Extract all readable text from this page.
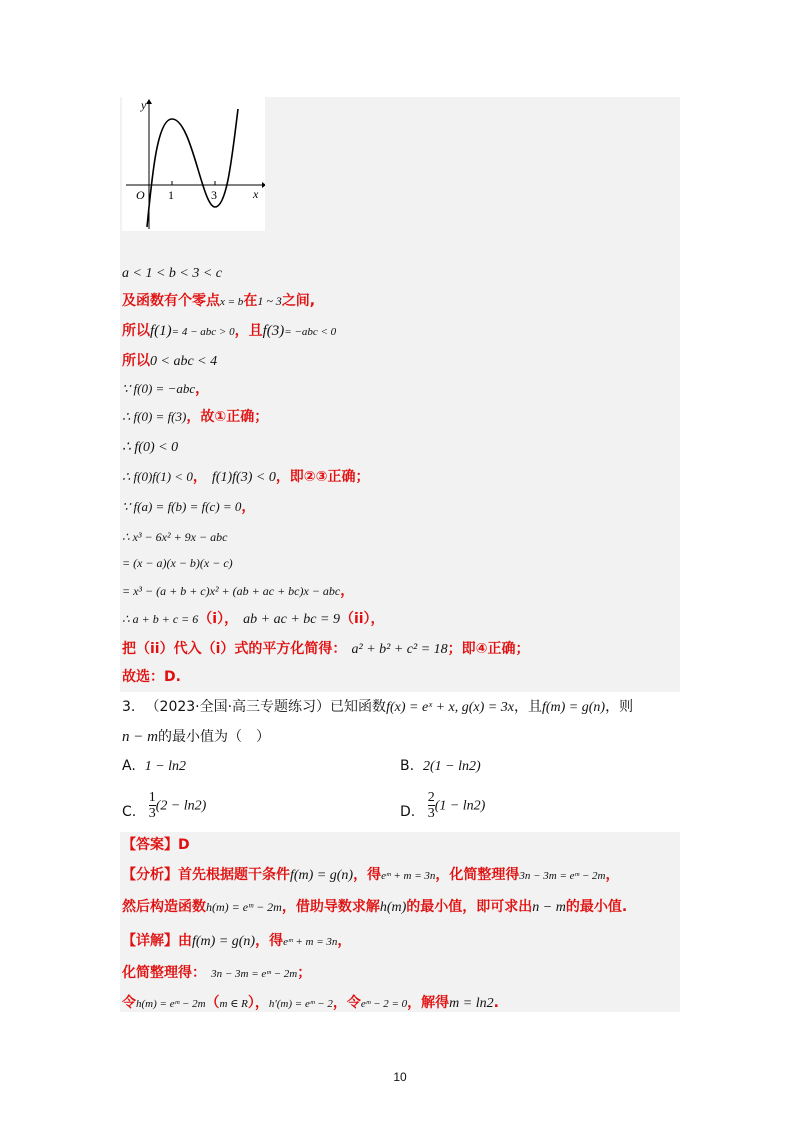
y
x
O 1	3
a < 1 < b < 3 < c
及函数有个零点x = b在1 ~ 3之间,
所以f(1)= 4 − abc > 0，且f(3)= −abc < 0
所以0 < abc < 4
∵ f(0) = −abc，
∴ f(0) = f(3)，故①正确；
∴ f(0) < 0
∴ f(0)f(1) < 0， f(1)f(3) < 0，即②③正确；
∵ f(a) = f(b) = f(c) = 0，
∴ x³ − 6x² + 9x − abc
= (x − a)(x − b)(x − c)
= x³ − (a + b + c)x² + (ab + ac + bc)x − abc，
∴ a + b + c = 6（i）， ab + ac + bc = 9（ii），
把（ii）代入（i）式的平方化简得： a² + b² + c² = 18；即④正确；
故选：D.
3. （2023·全国·高三专题练习）已知函数f(x) = eˣ + x, g(x) = 3x，且f(m) = g(n)，则
n − m的最小值为（　）
A. 1 − ln2	B. 2(1 − ln2)
C. $\frac{1}{3} (2 - \ln 2)$	D. $\frac{2}{3} (1 - \ln 2)$
【答案】D
【分析】首先根据题干条件f(m) = g(n)，得eᵐ + m = 3n，化简整理得3n − 3m = eᵐ − 2m，
然后构造函数h(m) = eᵐ − 2m，借助导数求解h(m)的最小值，即可求出n − m的最小值.
【详解】由f(m) = g(n)，得eᵐ + m = 3n，
化简整理得： 3n − 3m = eᵐ − 2m；
令h(m) = eᵐ − 2m（m ∈ R），h′(m) = eᵐ − 2，令eᵐ − 2 = 0，解得m = ln2.
10
